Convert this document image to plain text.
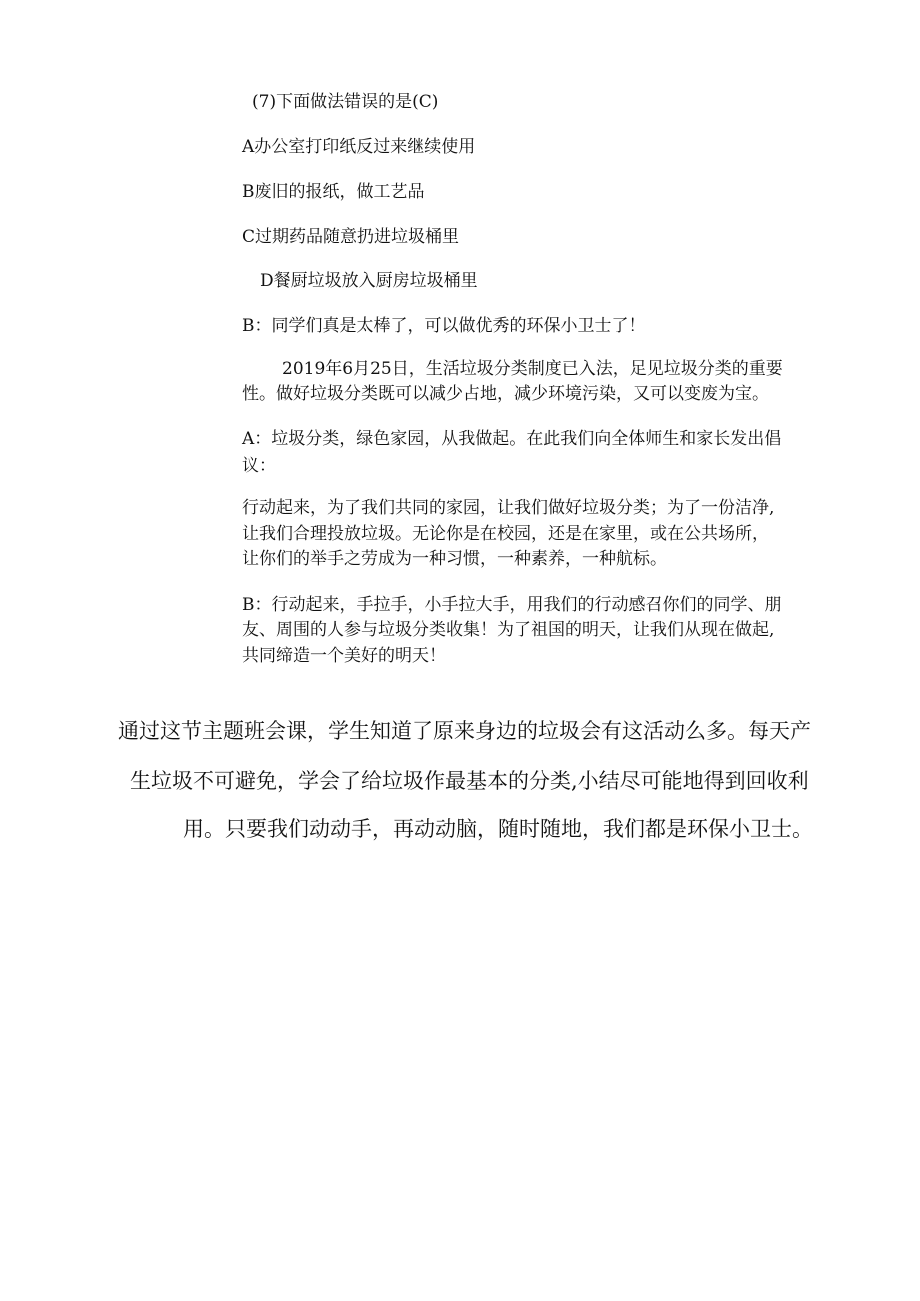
(7)下面做法错误的是(C)
A办公室打印纸反过来继续使用
B废旧的报纸，做工艺品
C过期药品随意扔进垃圾桶里
D餐厨垃圾放入厨房垃圾桶里
B：同学们真是太棒了，可以做优秀的环保小卫士了！
2019年6月25日，生活垃圾分类制度已入法，足见垃圾分类的重要
性。做好垃圾分类既可以减少占地，减少环境污染，又可以变废为宝。
A：垃圾分类，绿色家园，从我做起。在此我们向全体师生和家长发出倡
议：
行动起来，为了我们共同的家园，让我们做好垃圾分类；为了一份洁净,
让我们合理投放垃圾。无论你是在校园，还是在家里，或在公共场所，
让你们的举手之劳成为一种习惯，一种素养，一种航标。
B：行动起来，手拉手，小手拉大手，用我们的行动感召你们的同学、朋
友、周围的人参与垃圾分类收集！为了祖国的明天，让我们从现在做起,
共同缔造一个美好的明天！
通过这节主题班会课，学生知道了原来身边的垃圾会有这活动么多。每天产
生垃圾不可避免，学会了给垃圾作最基本的分类,小结尽可能地得到回收利
用。只要我们动动手，再动动脑，随时随地，我们都是环保小卫士。
